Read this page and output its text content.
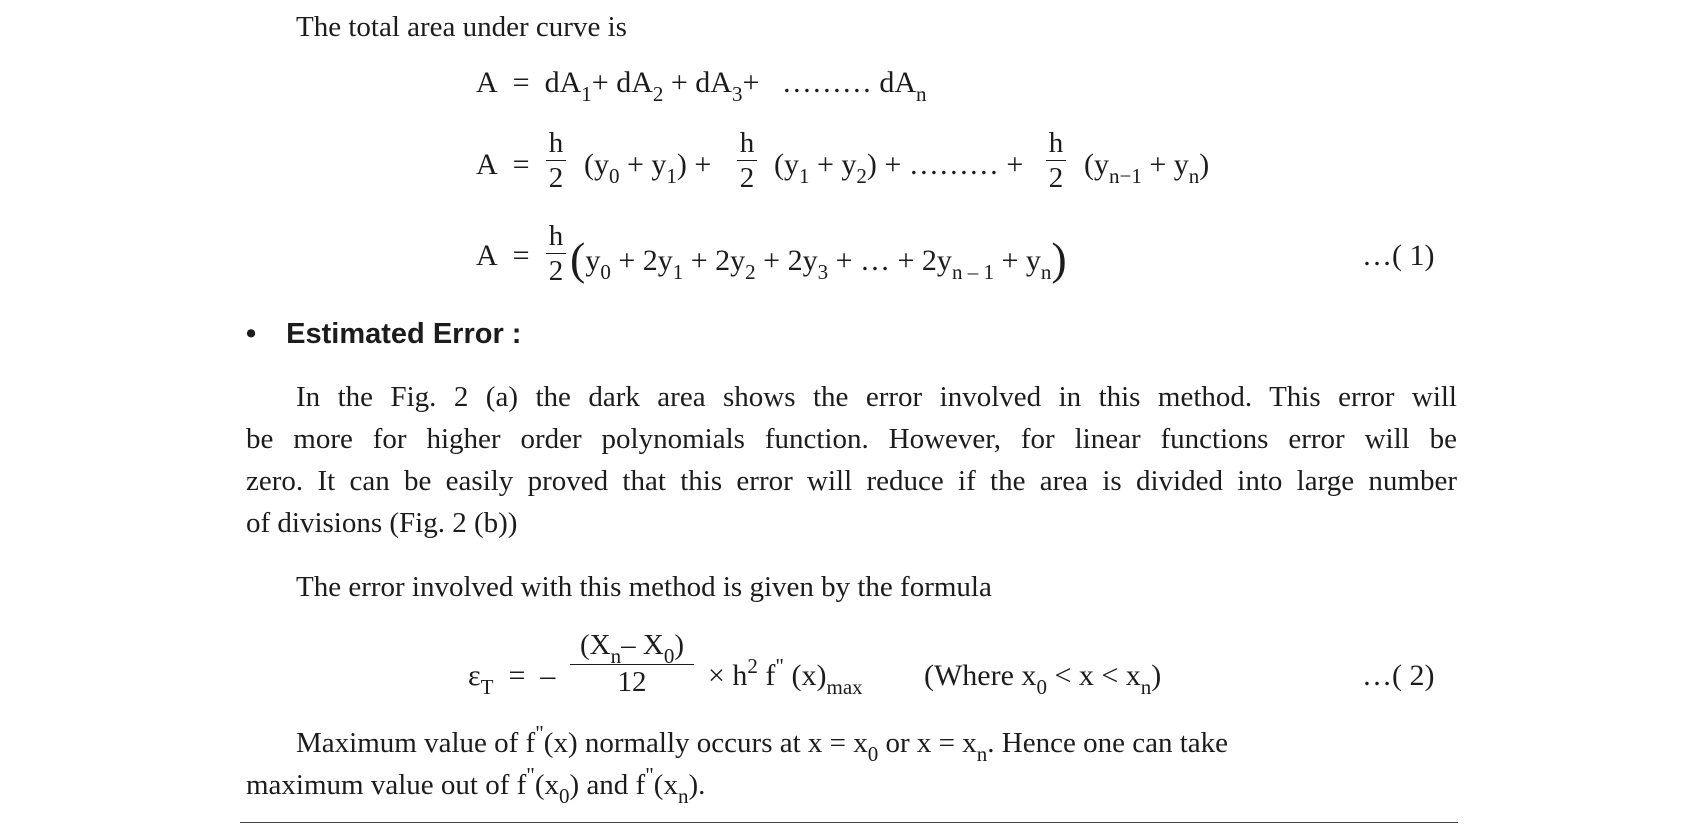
The total area under curve is
$A = dA_1+ dA_2 + dA_3+$ ……… $dA_n$
A =
h
2 $(y_0 + y_1)$ +
h
2 $(y_1 + y_2)$ + ……… +
h
2 $(y_{n-1} + y_n)$
A =
h
2 ($y_0 + 2y_1 + 2y_2 + 2y_3$ + … + $2y_{n - 1} + y_n$)	…( 1)
• Estimated Error :
In the Fig. 2 (a) the dark area shows the error involved in this method. This error will
be more for higher order polynomials function. However, for linear functions error will be
zero. It can be easily proved that this error will reduce if the area is divided into large number
of divisions (Fig. 2 (b))
The error involved with this method is given by the formula
$\varepsilon_T$ = –
($X_n-$ $X_0$)
12	× $h^2$ f" $(x)_{max}$ (Where $x_0 < x < x_n$)	…( 2)
Maximum value of f"(x) normally occurs at $x = x_0$ or $x = x_n$. Hence one can take
maximum value out of $f^"(x_0)$ and $f^"(x_n)$.
